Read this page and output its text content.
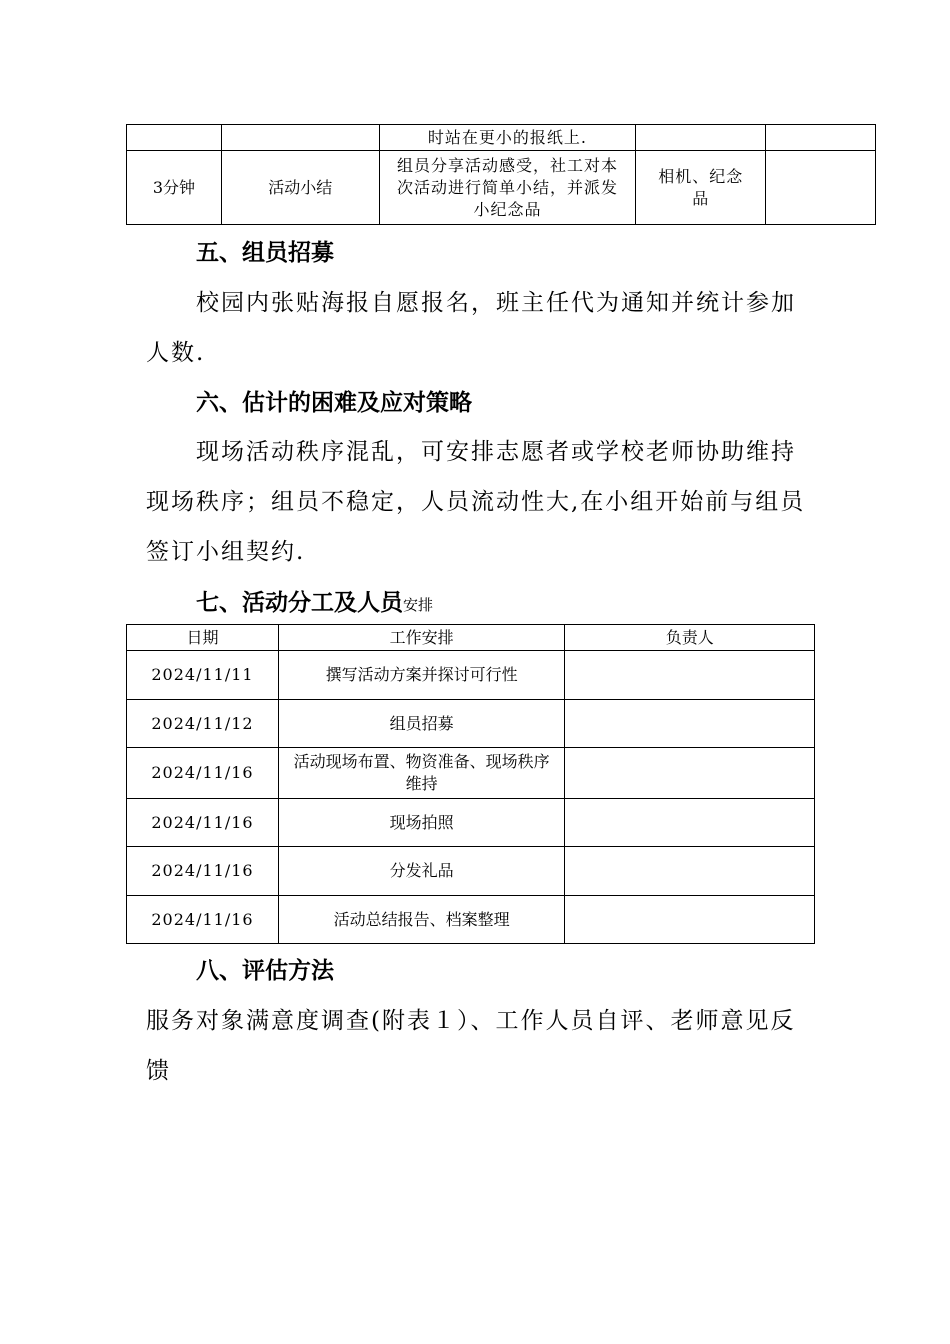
		时站在更小的报纸上.		
3分钟	活动小结	组员分享活动感受，社工对本次活动进行简单小结，并派发小纪念品	相机、纪念品	
五、组员招募
校园内张贴海报自愿报名，班主任代为通知并统计参加人数.
六、估计的困难及应对策略
现场活动秩序混乱，可安排志愿者或学校老师协助维持现场秩序；组员不稳定，人员流动性大,在小组开始前与组员签订小组契约.
七、活动分工及人员安排
日期	工作安排	负责人
2024/11/11	撰写活动方案并探讨可行性	
2024/11/12	组员招募	
2024/11/16	活动现场布置、物资准备、现场秩序维持	
2024/11/16	现场拍照	
2024/11/16	分发礼品	
2024/11/16	活动总结报告、档案整理	
八、评估方法
服务对象满意度调查(附表１）、工作人员自评、老师意见反馈
